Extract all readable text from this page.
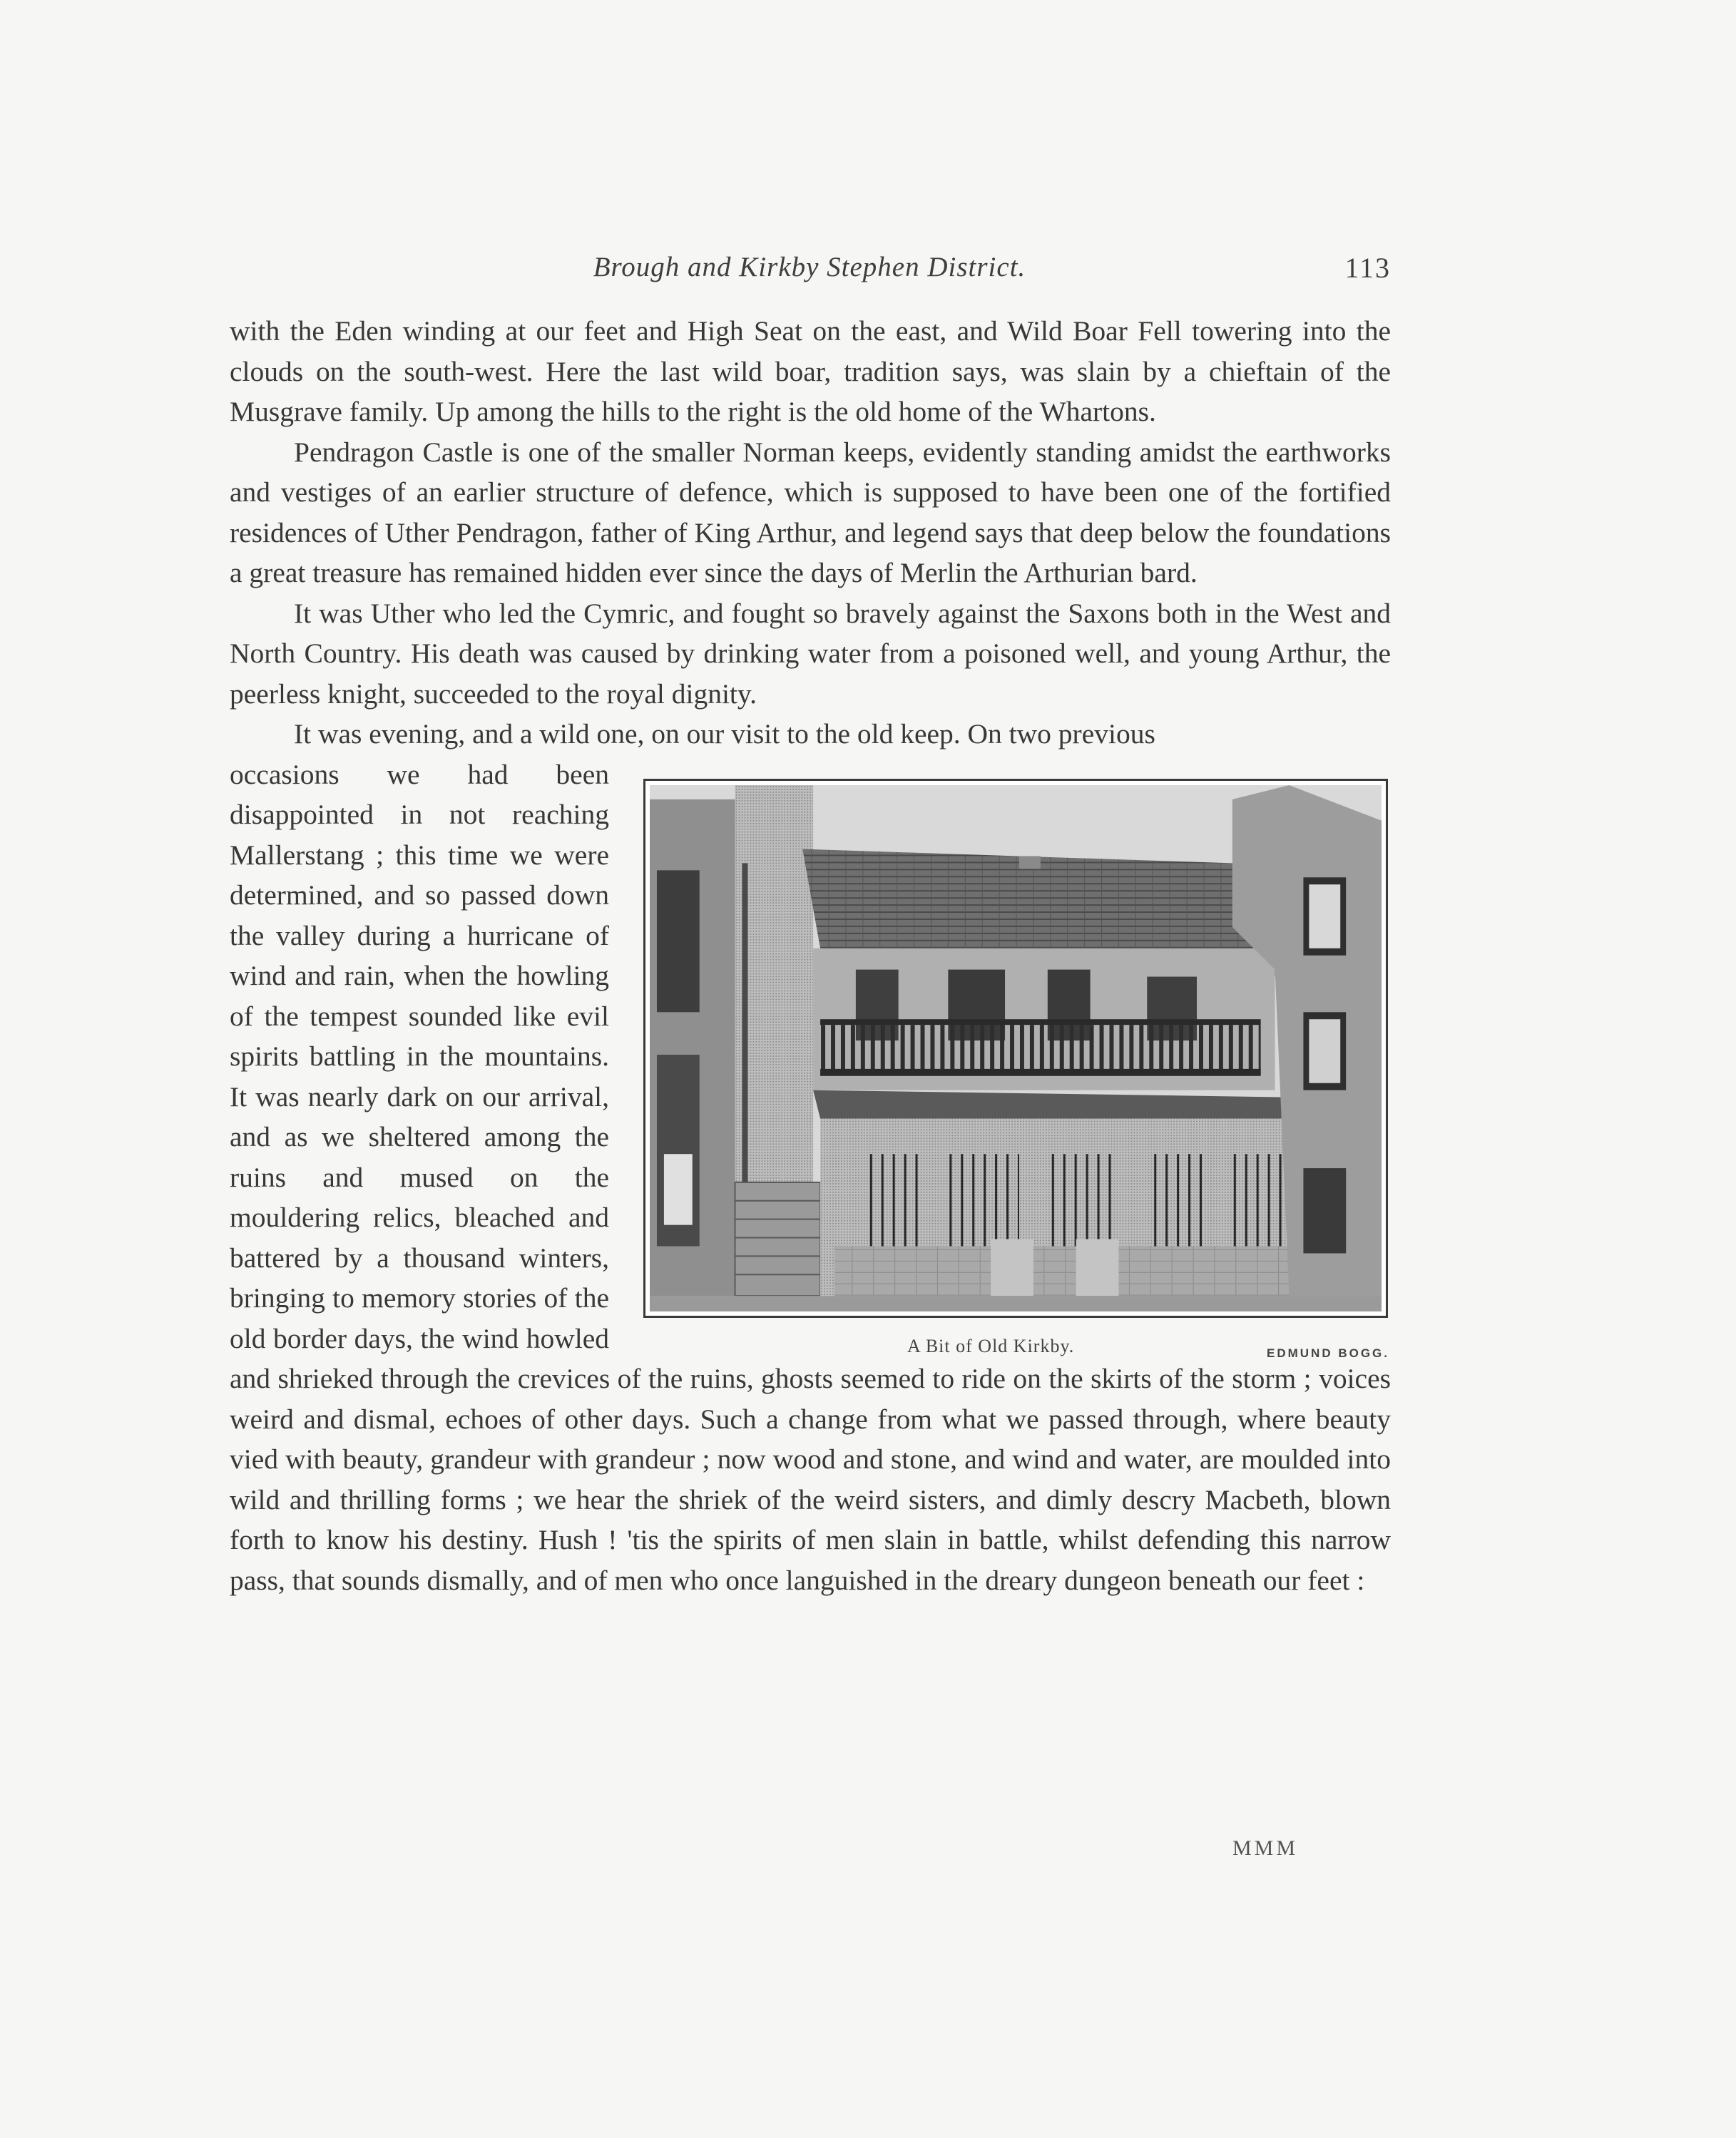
Brough and Kirkby Stephen District.	113

with the Eden winding at our feet and High Seat on the east, and Wild Boar Fell towering into the clouds on the south-west. Here the last wild boar, tradition says, was slain by a chieftain of the Musgrave family. Up among the hills to the right is the old home of the Whartons.

Pendragon Castle is one of the smaller Norman keeps, evidently standing amidst the earthworks and vestiges of an earlier structure of defence, which is supposed to have been one of the fortified residences of Uther Pendragon, father of King Arthur, and legend says that deep below the foundations a great treasure has remained hidden ever since the days of Merlin the Arthurian bard.

It was Uther who led the Cymric, and fought so bravely against the Saxons both in the West and North Country. His death was caused by drinking water from a poisoned well, and young Arthur, the peerless knight, succeeded to the royal dignity.

It was evening, and a wild one, on our visit to the old keep. On two previous

A Bit of Old Kirkby.	EDMUND BOGG.

occasions we had been disappointed in not reaching Mallerstang ; this time we were determined, and so passed down the valley during a hurricane of wind and rain, when the howling of the tempest sounded like evil spirits battling in the mountains. It was nearly dark on our arrival, and as we sheltered among the ruins and mused on the mouldering relics, bleached and battered by a thousand winters, bringing to memory stories of the old border days, the wind howled and shrieked through the crevices of the ruins, ghosts seemed to ride on the skirts of the storm ; voices weird and dismal, echoes of other days. Such a change from what we passed through, where beauty vied with beauty, grandeur with grandeur ; now wood and stone, and wind and water, are moulded into wild and thrilling forms ; we hear the shriek of the weird sisters, and dimly descry Macbeth, blown forth to know his destiny. Hush ! 'tis the spirits of men slain in battle, whilst defending this narrow pass, that sounds dismally, and of men who once languished in the dreary dungeon beneath our feet :

MMM
